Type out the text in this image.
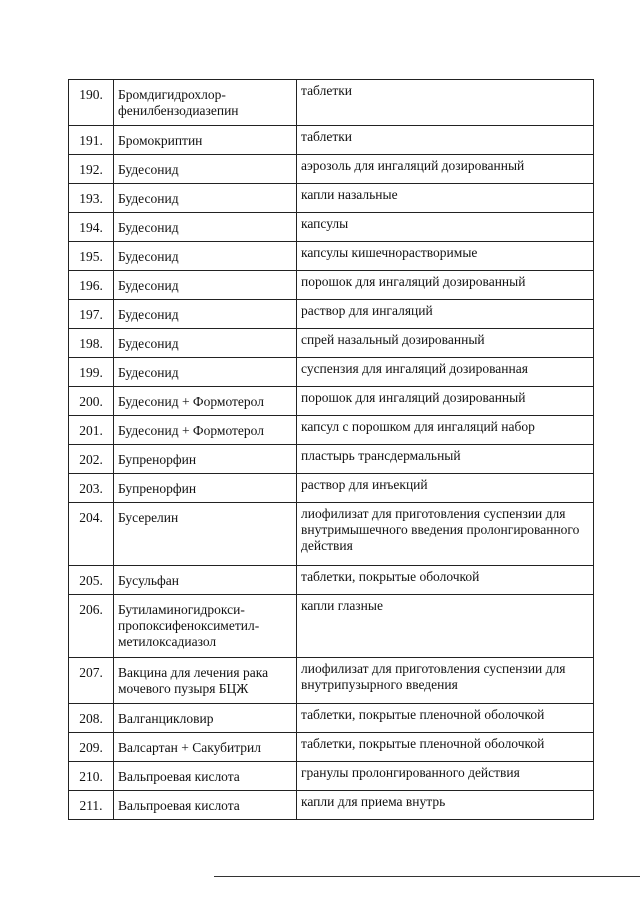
190.	Бромдигидрохлор-
фенилбензодиазепин	таблетки

191.	Бромокриптин	таблетки

192.	Будесонид	аэрозоль для ингаляций дозированный

193.	Будесонид	капли назальные

194.	Будесонид	капсулы

195.	Будесонид	капсулы кишечнорастворимые

196.	Будесонид	порошок для ингаляций дозированный

197.	Будесонид	раствор для ингаляций

198.	Будесонид	спрей назальный дозированный

199.	Будесонид	суспензия для ингаляций дозированная

200.	Будесонид + Формотерол	порошок для ингаляций дозированный

201.	Будесонид + Формотерол	капсул с порошком для ингаляций набор

202.	Бупренорфин	пластырь трансдермальный

203.	Бупренорфин	раствор для инъекций

204.	Бусерелин	лиофилизат для приготовления суспензии для внутримышечного введения пролонгированного действия

205.	Бусульфан	таблетки, покрытые оболочкой

206.	Бутиламиногидрокси-
пропоксифеноксиметил-
метилоксадиазол	капли глазные

207.	Вакцина для лечения рака мочевого пузыря БЦЖ	лиофилизат для приготовления суспензии для внутрипузырного введения

208.	Валганцикловир	таблетки, покрытые пленочной оболочкой

209.	Валсартан + Сакубитрил	таблетки, покрытые пленочной оболочкой

210.	Вальпроевая кислота	гранулы пролонгированного действия

211.	Вальпроевая кислота	капли для приема внутрь
